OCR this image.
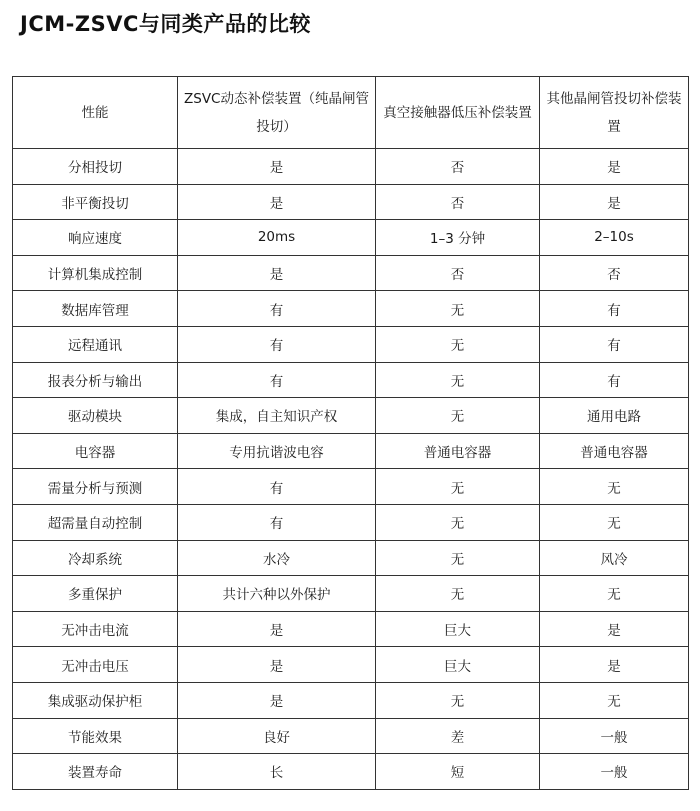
JCM-ZSVC与同类产品的比较
性能	ZSVC动态补偿装置（纯晶闸管投切）	真空接触器低压补偿装置	其他晶闸管投切补偿装置
分相投切	是	否	是
非平衡投切	是	否	是
响应速度	20ms	1–3 分钟	2–10s
计算机集成控制	是	否	否
数据库管理	有	无	有
远程通讯	有	无	有
报表分析与输出	有	无	有
驱动模块	集成，自主知识产权	无	通用电路
电容器	专用抗谐波电容	普通电容器	普通电容器
需量分析与预测	有	无	无
超需量自动控制	有	无	无
冷却系统	水冷	无	风冷
多重保护	共计六种以外保护	无	无
无冲击电流	是	巨大	是
无冲击电压	是	巨大	是
集成驱动保护柜	是	无	无
节能效果	良好	差	一般
装置寿命	长	短	一般
